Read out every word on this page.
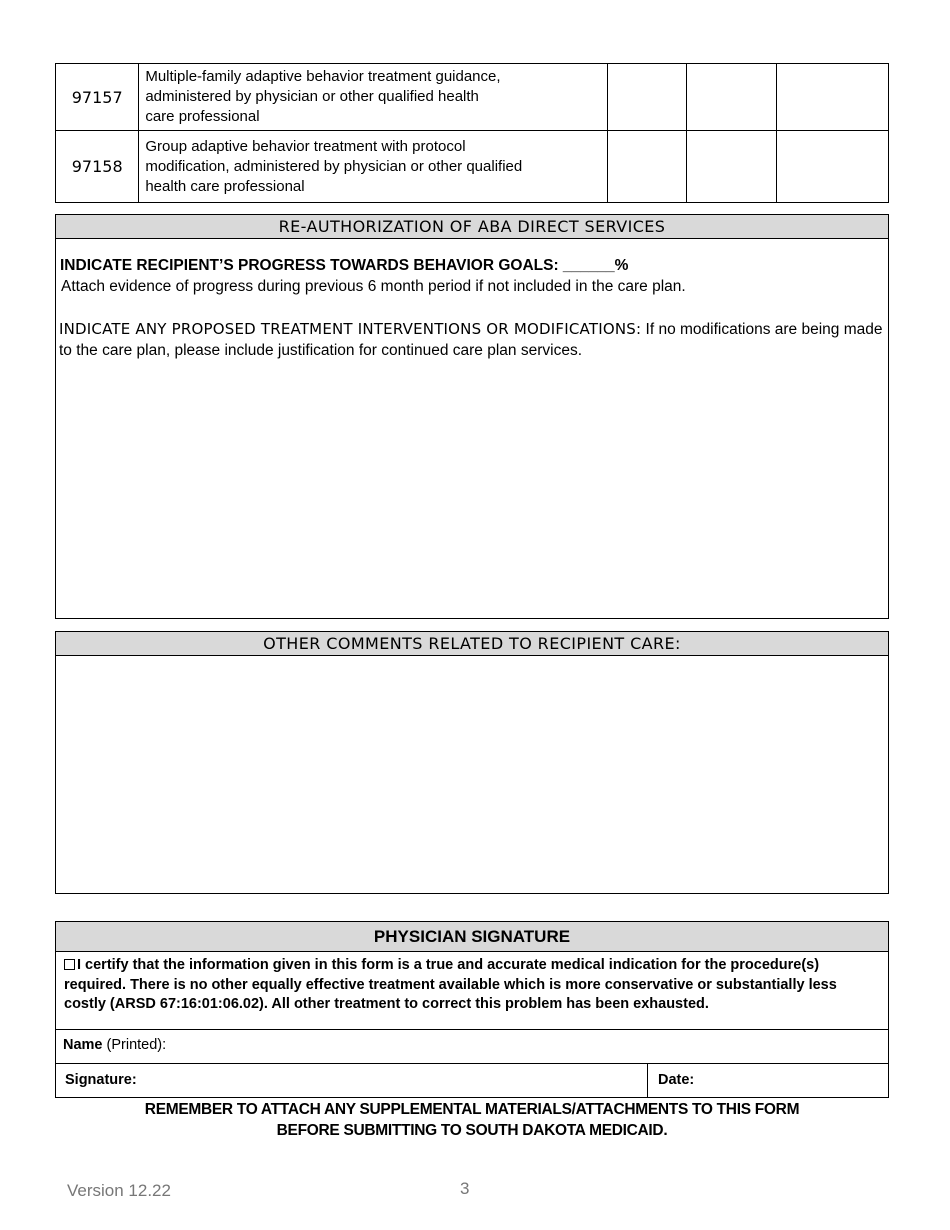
97157	Multiple-family adaptive behavior treatment guidance,
administered by physician or other qualified health
care professional			

97158	Group adaptive behavior treatment with protocol
modification, administered by physician or other qualified
health care professional			

RE-AUTHORIZATION OF ABA DIRECT SERVICES
INDICATE RECIPIENT’S PROGRESS TOWARDS BEHAVIOR GOALS: ______%
Attach evidence of progress during previous 6 month period if not included in the care plan.
INDICATE ANY PROPOSED TREATMENT INTERVENTIONS OR MODIFICATIONS: If no modifications are being made to the care plan, please include justification for continued care plan services.
OTHER COMMENTS RELATED TO RECIPIENT CARE:
PHYSICIAN SIGNATURE
I certify that the information given in this form is a true and accurate medical indication for the procedure(s) required. There is no other equally effective treatment available which is more conservative or substantially less costly (ARSD 67:16:01:06.02). All other treatment to correct this problem has been exhausted.
Name (Printed):
Signature:	Date:
REMEMBER TO ATTACH ANY SUPPLEMENTAL MATERIALS/ATTACHMENTS TO THIS FORM
BEFORE SUBMITTING TO SOUTH DAKOTA MEDICAID.
Version 12.22	3
